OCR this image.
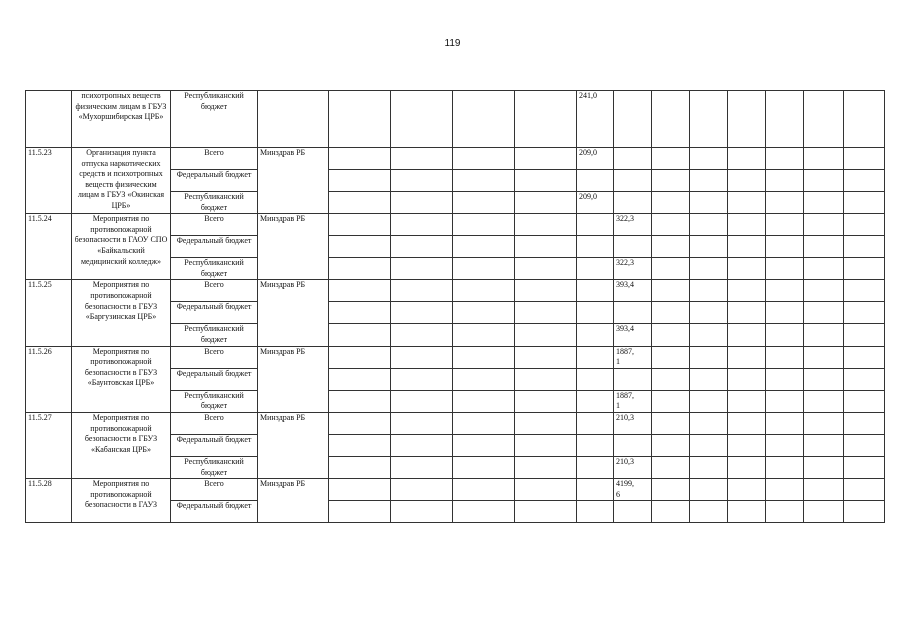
119
	психотропных веществ физическим лицам в ГБУЗ «Мухоршибирская ЦРБ»	Республиканский бюджет						241,0							
11.5.23	Организация пункта отпуска наркотических средств и психотропных веществ физическим лицам в ГБУЗ «Окинская ЦРБ»	Всего	Минздрав РБ					209,0							
		Федеральный бюджет													
		Республиканский бюджет						209,0							
11.5.24	Мероприятия по противопожарной безопасности в ГАОУ СПО «Байкальский медицинский колледж»	Всего	Минздрав РБ						322,3						
		Федеральный бюджет													
		Республиканский бюджет							322,3						
11.5.25	Мероприятия по противопожарной безопасности в ГБУЗ «Баргузинская ЦРБ»	Всего	Минздрав РБ						393,4						
		Федеральный бюджет													
		Республиканский бюджет							393,4						
11.5.26	Мероприятия по противопожарной безопасности в ГБУЗ «Баунтовская ЦРБ»	Всего	Минздрав РБ						1887,
1						
		Федеральный бюджет													
		Республиканский бюджет							1887,
1						
11.5.27	Мероприятия по противопожарной безопасности в ГБУЗ «Кабанская ЦРБ»	Всего	Минздрав РБ						210,3						
		Федеральный бюджет													
		Республиканский бюджет							210,3						
11.5.28	Мероприятия по противопожарной безопасности в ГАУЗ	Всего	Минздрав РБ						4199,
6						
		Федеральный бюджет													
